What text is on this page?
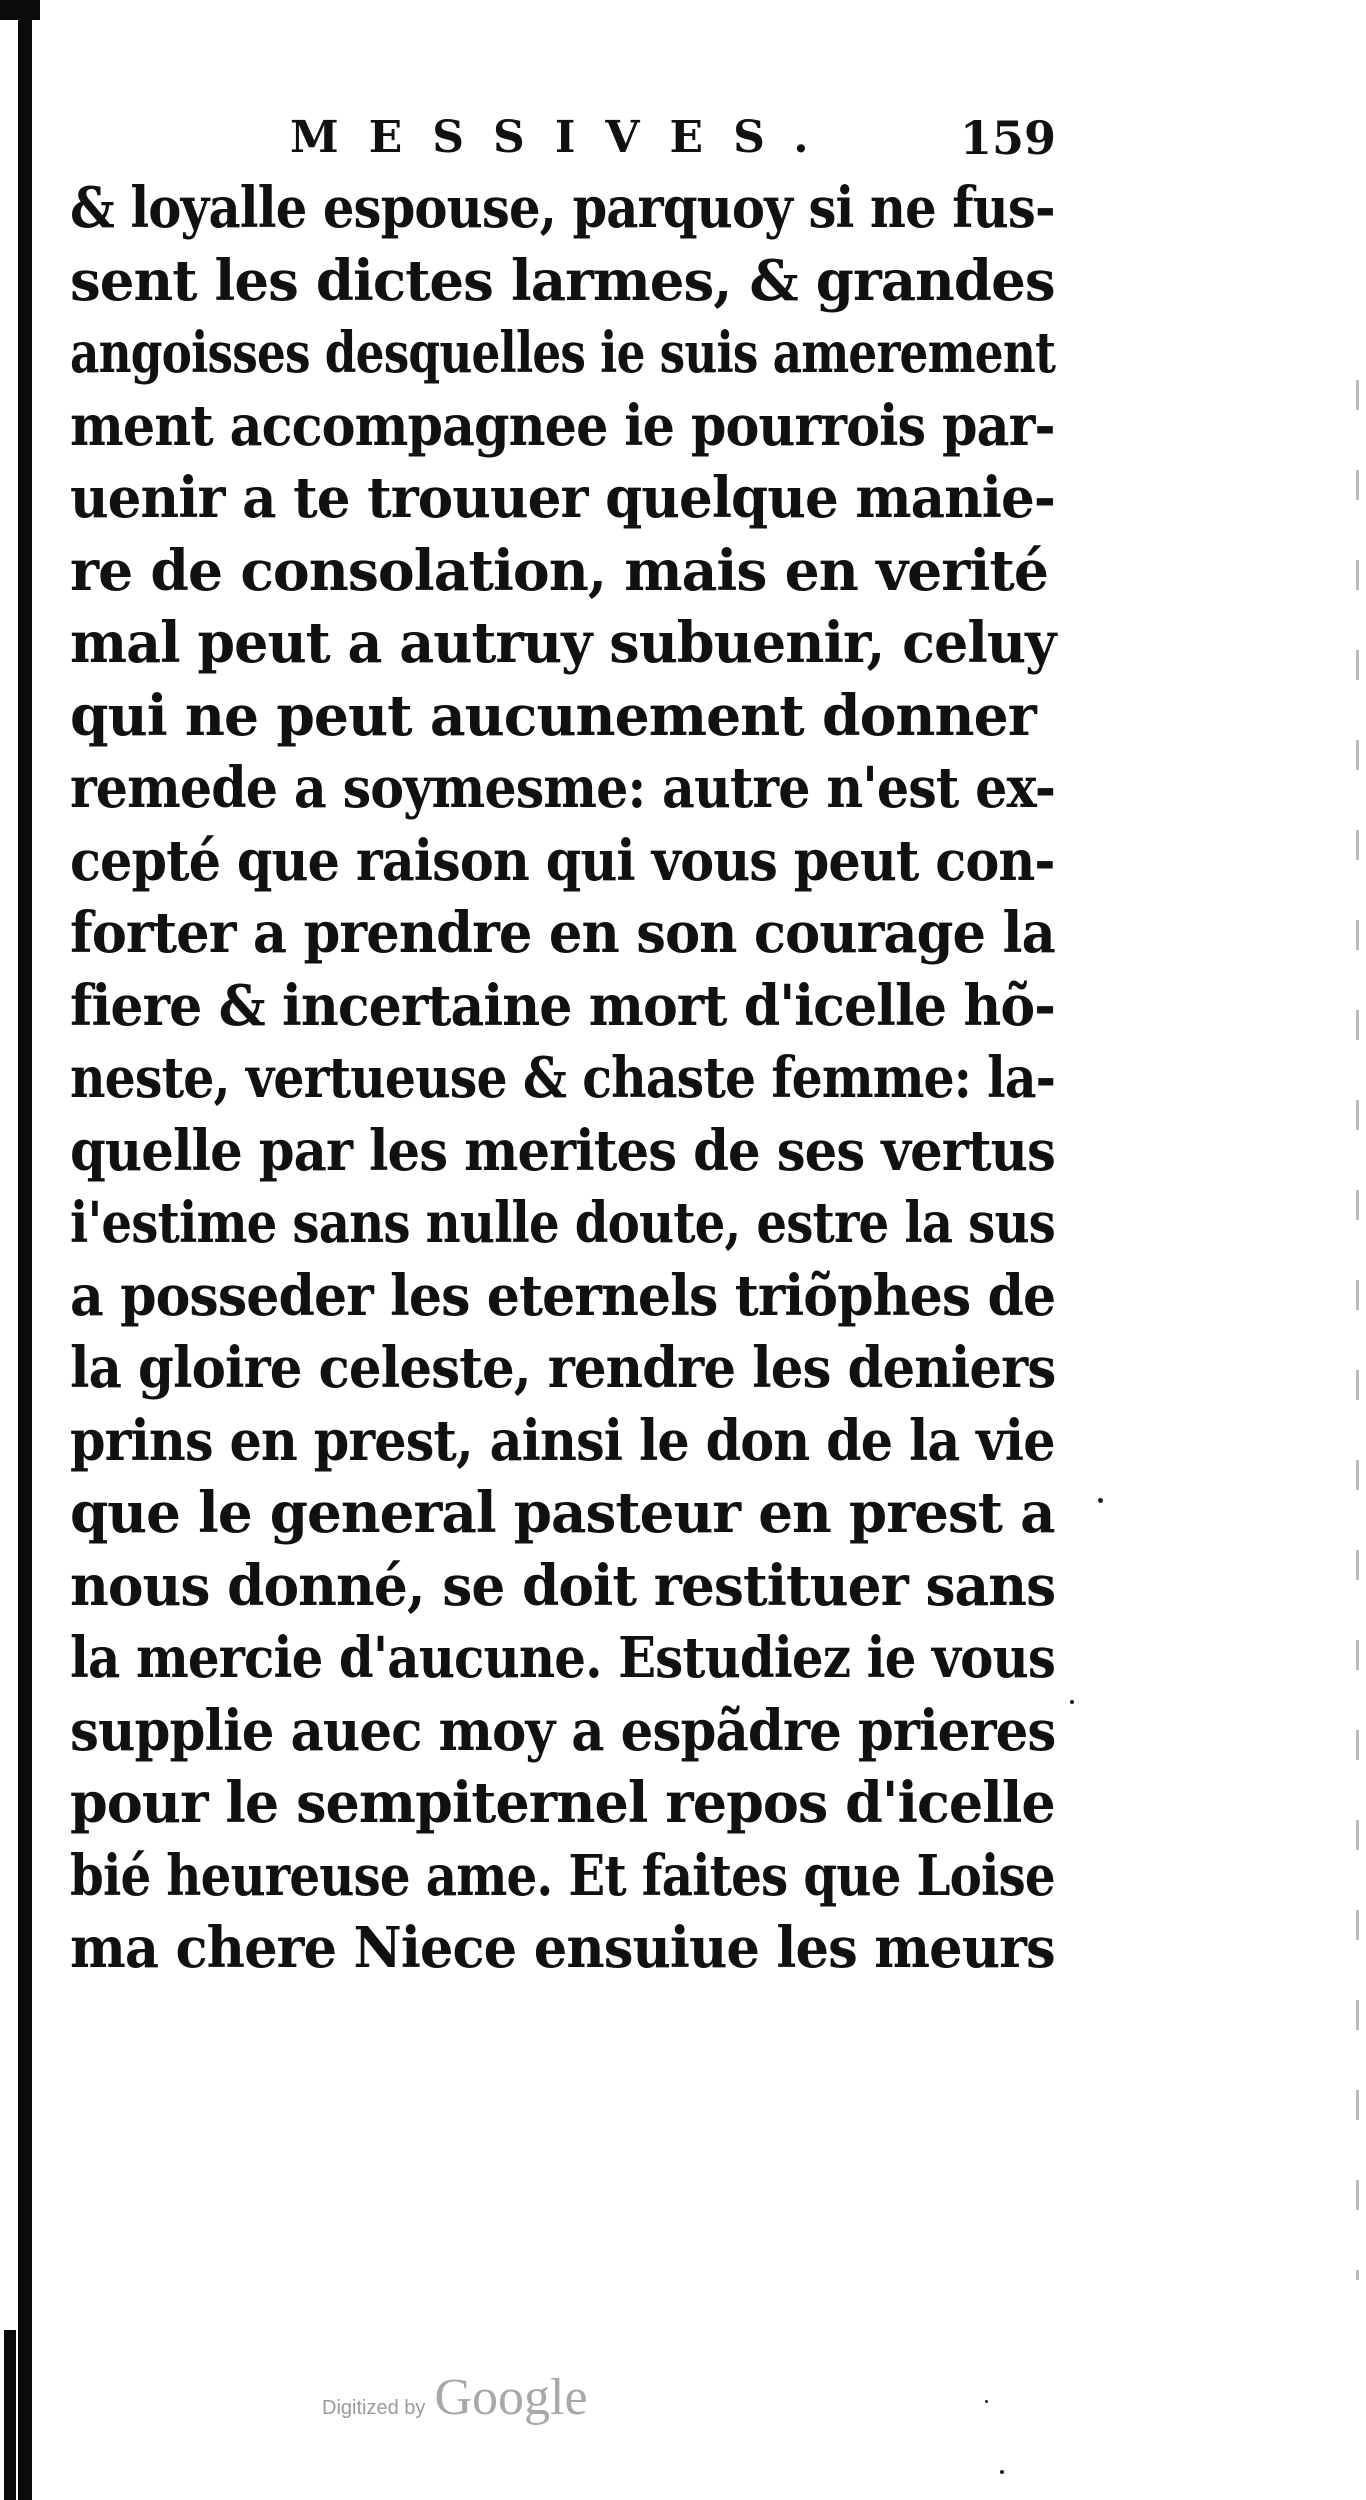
MESSIVES.	159
& loyalle espouse, parquoy si ne fus-
sent les dictes larmes, & grandes
angoisses desquelles ie suis amerement
ment accompagnee ie pourrois par-
uenir a te trouuer quelque manie-
re de consolation, mais en verité
mal peut a autruy subuenir, celuy
qui ne peut aucunement donner
remede a soymesme: autre n'est ex-
cepté que raison qui vous peut con-
forter a prendre en son courage la
fiere & incertaine mort d'icelle hõ-
neste, vertueuse & chaste femme: la-
quelle par les merites de ses vertus
i'estime sans nulle doute, estre la sus
a posseder les eternels triõphes de
la gloire celeste, rendre les deniers
prins en prest, ainsi le don de la vie
que le general pasteur en prest a
nous donné, se doit restituer sans
la mercie d'aucune. Estudiez ie vous
supplie auec moy a espãdre prieres
pour le sempiternel repos d'icelle
bié heureuse ame. Et faites que Loise
ma chere Niece ensuiue les meurs
Digitized by Google
